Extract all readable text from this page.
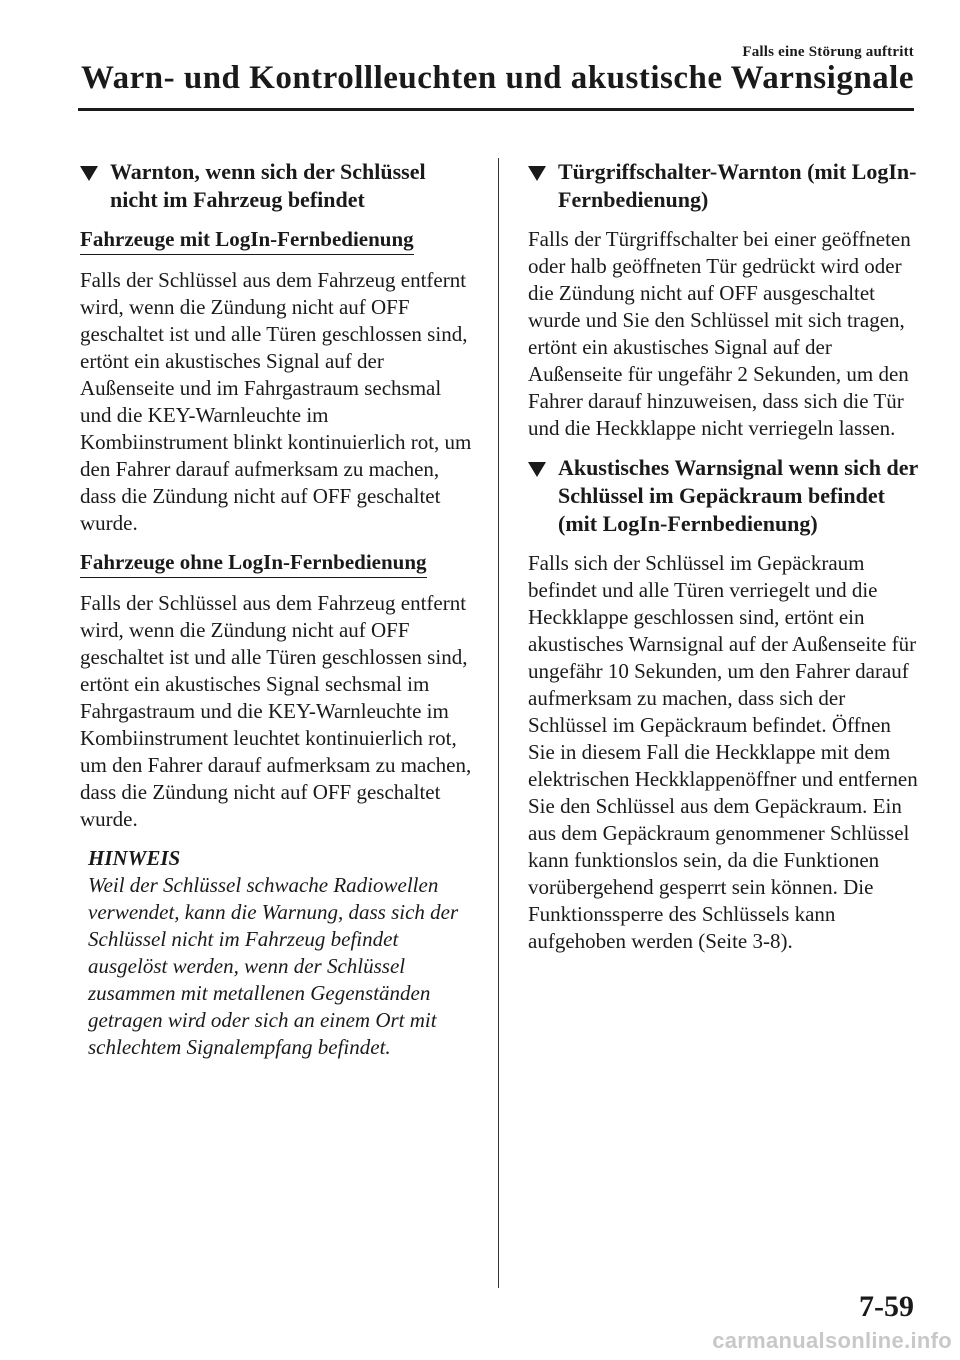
Falls eine Störung auftritt
Warn- und Kontrollleuchten und akustische Warnsignale
Warnton, wenn sich der Schlüssel nicht im Fahrzeug befindet
Fahrzeuge mit LogIn-Fernbedienung

Falls der Schlüssel aus dem Fahrzeug entfernt wird, wenn die Zündung nicht auf OFF geschaltet ist und alle Türen geschlossen sind, ertönt ein akustisches Signal auf der Außenseite und im Fahrgastraum sechsmal und die KEY-Warnleuchte im Kombiinstrument blinkt kontinuierlich rot, um den Fahrer darauf aufmerksam zu machen, dass die Zündung nicht auf OFF geschaltet wurde.

Fahrzeuge ohne LogIn-Fernbedienung

Falls der Schlüssel aus dem Fahrzeug entfernt wird, wenn die Zündung nicht auf OFF geschaltet ist und alle Türen geschlossen sind, ertönt ein akustisches Signal sechsmal im Fahrgastraum und die KEY-Warnleuchte im Kombiinstrument leuchtet kontinuierlich rot, um den Fahrer darauf aufmerksam zu machen, dass die Zündung nicht auf OFF geschaltet wurde.

HINWEIS

Weil der Schlüssel schwache Radiowellen verwendet, kann die Warnung, dass sich der Schlüssel nicht im Fahrzeug befindet ausgelöst werden, wenn der Schlüssel zusammen mit metallenen Gegenständen getragen wird oder sich an einem Ort mit schlechtem Signalempfang befindet.

Türgriffschalter-Warnton (mit LogIn-Fernbedienung)

Falls der Türgriffschalter bei einer geöffneten oder halb geöffneten Tür gedrückt wird oder die Zündung nicht auf OFF ausgeschaltet wurde und Sie den Schlüssel mit sich tragen, ertönt ein akustisches Signal auf der Außenseite für ungefähr 2 Sekunden, um den Fahrer darauf hinzuweisen, dass sich die Tür und die Heckklappe nicht verriegeln lassen.

Akustisches Warnsignal wenn sich der Schlüssel im Gepäckraum befindet (mit LogIn-Fernbedienung)

Falls sich der Schlüssel im Gepäckraum befindet und alle Türen verriegelt und die Heckklappe geschlossen sind, ertönt ein akustisches Warnsignal auf der Außenseite für ungefähr 10 Sekunden, um den Fahrer darauf aufmerksam zu machen, dass sich der Schlüssel im Gepäckraum befindet. Öffnen Sie in diesem Fall die Heckklappe mit dem elektrischen Heckklappenöffner und entfernen Sie den Schlüssel aus dem Gepäckraum. Ein aus dem Gepäckraum genommener Schlüssel kann funktionslos sein, da die Funktionen vorübergehend gesperrt sein können. Die Funktionssperre des Schlüssels kann aufgehoben werden (Seite 3-8).

7-59
carmanualsonline.info
